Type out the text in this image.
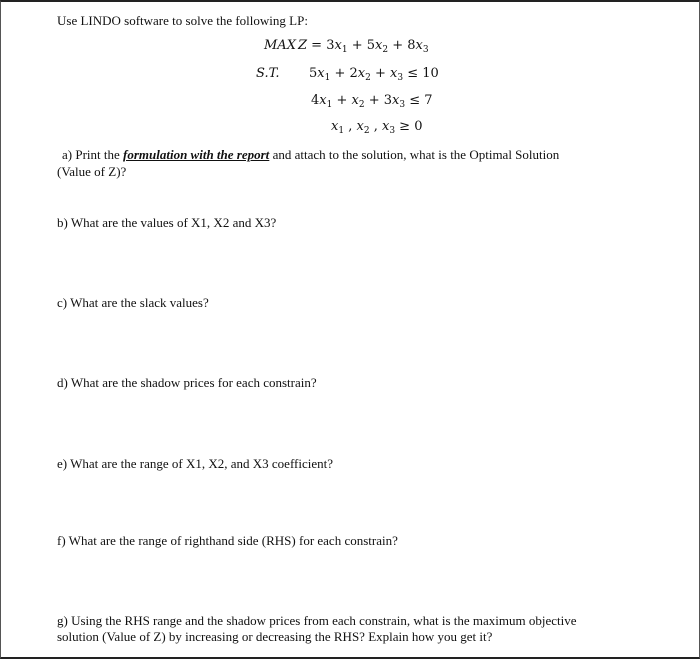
Use LINDO software to solve the following LP:
MAX $Z = 3x_1 + 5x_2 + 8x_3$
S.T. $5x_1 + 2x_2 + x_3 \le 10$
$4x_1 + x_2 + 3x_3 \le 7$
$x_1$ , $x_2$ , $x_3 \ge 0$
a) Print the formulation with the report and attach to the solution, what is the Optimal Solution
(Value of Z)?
b) What are the values of X1, X2 and X3?
c) What are the slack values?
d) What are the shadow prices for each constrain?
e) What are the range of X1, X2, and X3 coefficient?
f) What are the range of righthand side (RHS) for each constrain?
g) Using the RHS range and the shadow prices from each constrain, what is the maximum objective
solution (Value of Z) by increasing or decreasing the RHS? Explain how you get it?
